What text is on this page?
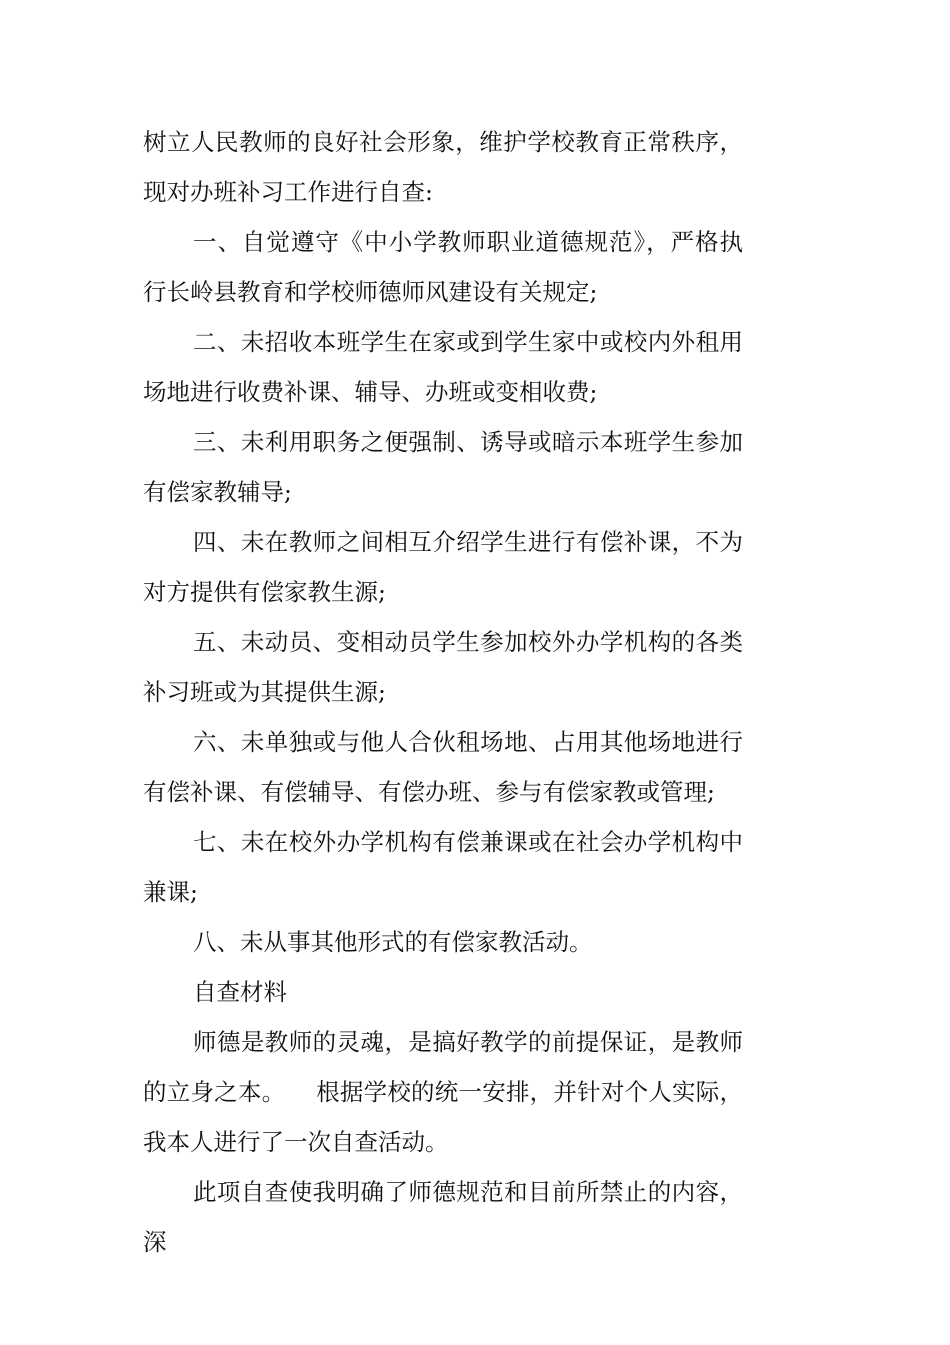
树立人民教师的良好社会形象，维护学校教育正常秩序，现对办班补习工作进行自查:

一、自觉遵守《中小学教师职业道德规范》，严格执行长岭县教育和学校师德师风建设有关规定;

二、未招收本班学生在家或到学生家中或校内外租用场地进行收费补课、辅导、办班或变相收费;

三、未利用职务之便强制、诱导或暗示本班学生参加有偿家教辅导;

四、未在教师之间相互介绍学生进行有偿补课，不为对方提供有偿家教生源;

五、未动员、变相动员学生参加校外办学机构的各类补习班或为其提供生源;

六、未单独或与他人合伙租场地、占用其他场地进行有偿补课、有偿辅导、有偿办班、参与有偿家教或管理;

七、未在校外办学机构有偿兼课或在社会办学机构中兼课;

八、未从事其他形式的有偿家教活动。

自查材料

师德是教师的灵魂，是搞好教学的前提保证，是教师的立身之本。    根据学校的统一安排，并针对个人实际，我本人进行了一次自查活动。

此项自查使我明确了师德规范和目前所禁止的内容，深
